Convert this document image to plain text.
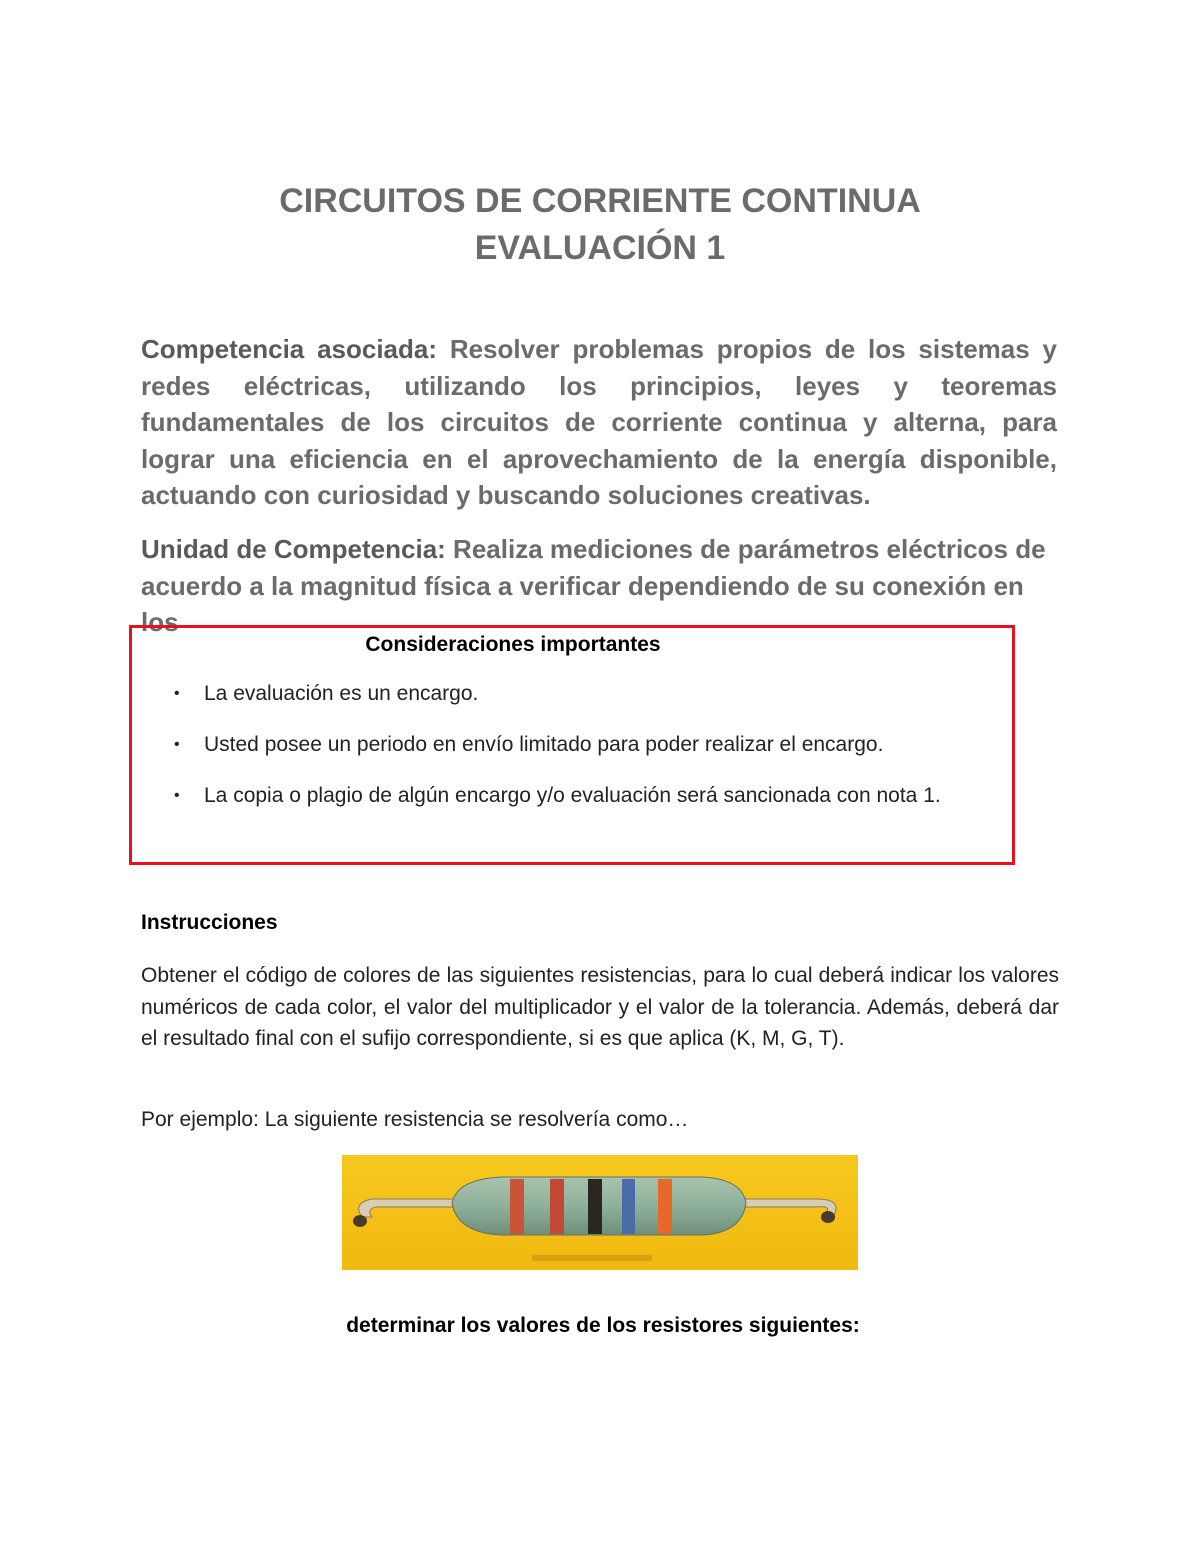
CIRCUITOS DE CORRIENTE CONTINUA
EVALUACIÓN 1
Competencia asociada: Resolver problemas propios de los sistemas y redes eléctricas, utilizando los principios, leyes y teoremas fundamentales de los circuitos de corriente continua y alterna, para lograr una eficiencia en el aprovechamiento de la energía disponible, actuando con curiosidad y buscando soluciones creativas.
Unidad de Competencia: Realiza mediciones de parámetros eléctricos de acuerdo a la magnitud física a verificar dependiendo de su conexión en los
Consideraciones importantes
• La evaluación es un encargo.
• Usted posee un periodo en envío limitado para poder realizar el encargo.
• La copia o plagio de algún encargo y/o evaluación será sancionada con nota 1.
Instrucciones
Obtener el código de colores de las siguientes resistencias, para lo cual deberá indicar los valores numéricos de cada color, el valor del multiplicador y el valor de la tolerancia. Además, deberá dar el resultado final con el sufijo correspondiente, si es que aplica (K, M, G, T).
Por ejemplo: La siguiente resistencia se resolvería como…
determinar los valores de los resistores siguientes:
